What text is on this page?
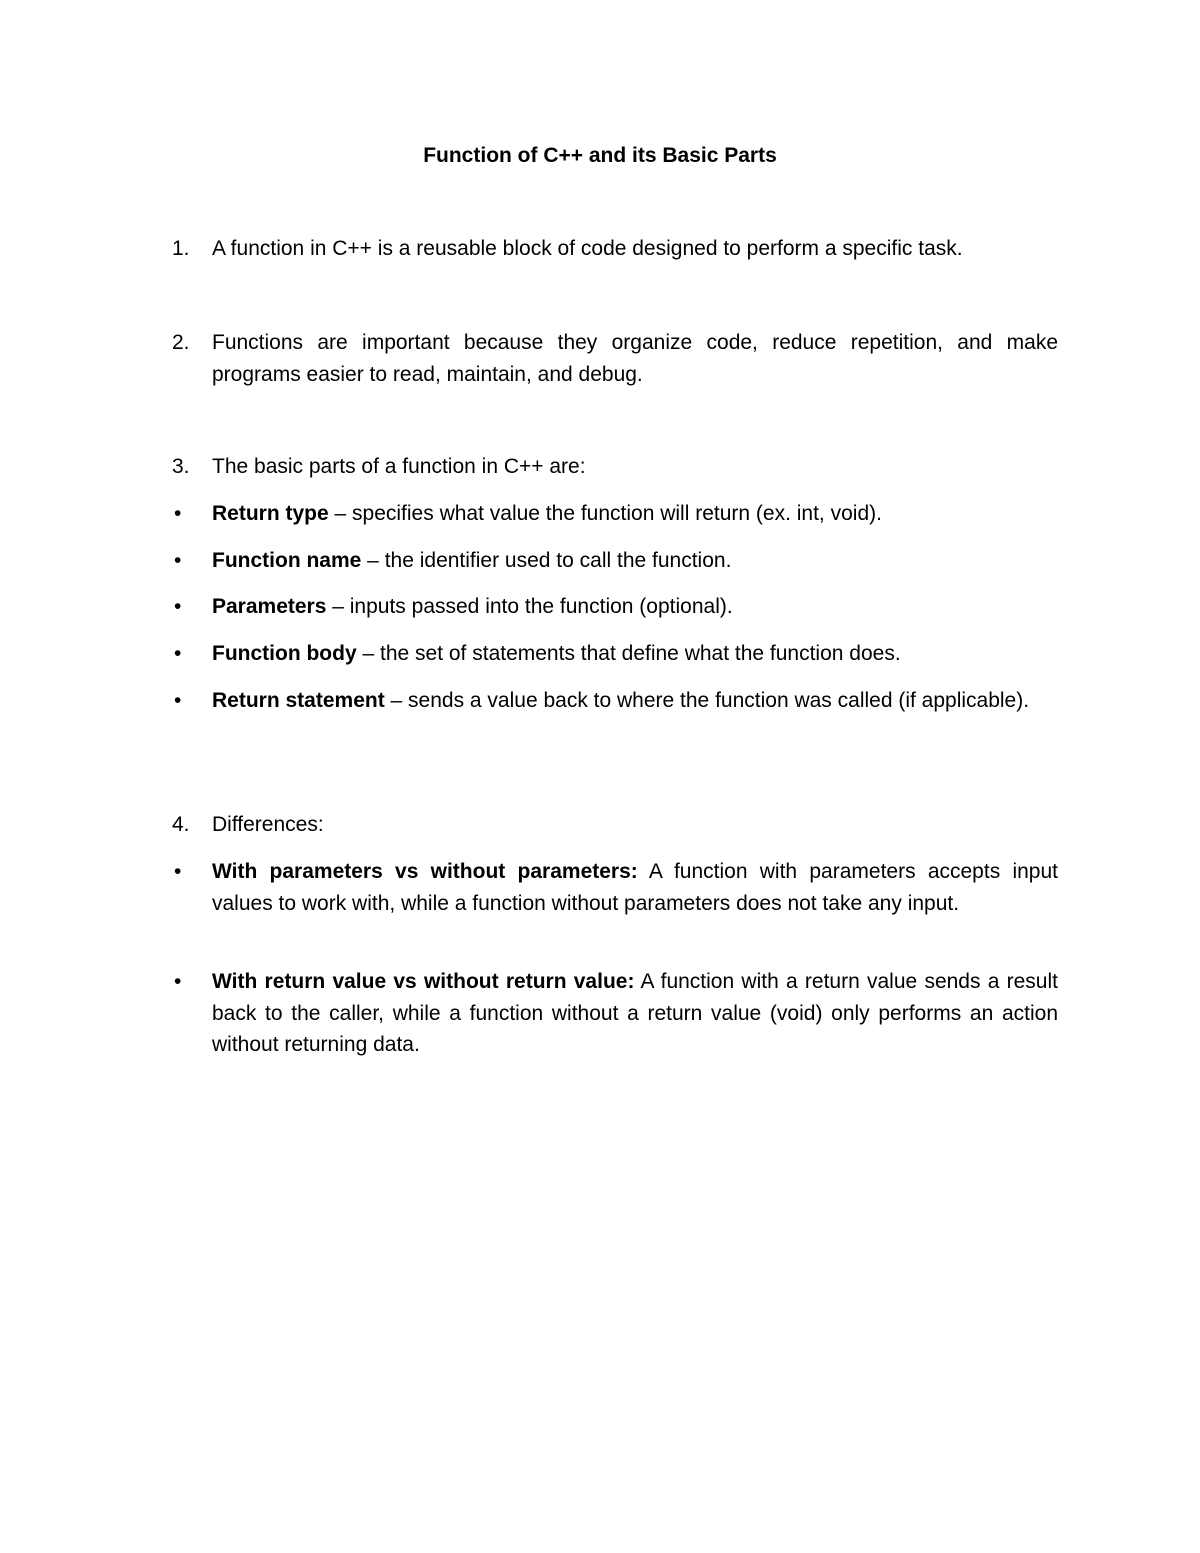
Function of C++ and its Basic Parts
1.	A function in C++ is a reusable block of code designed to perform a specific task.
2.	Functions are important because they organize code, reduce repetition, and make programs easier to read, maintain, and debug.
3.	The basic parts of a function in C++ are:
• Return type – specifies what value the function will return (ex. int, void).
• Function name – the identifier used to call the function.
• Parameters – inputs passed into the function (optional).
• Function body – the set of statements that define what the function does.
• Return statement – sends a value back to where the function was called (if applicable).
4.	Differences:
• With parameters vs without parameters: A function with parameters accepts input values to work with, while a function without parameters does not take any input.
• With return value vs without return value: A function with a return value sends a result back to the caller, while a function without a return value (void) only performs an action without returning data.
